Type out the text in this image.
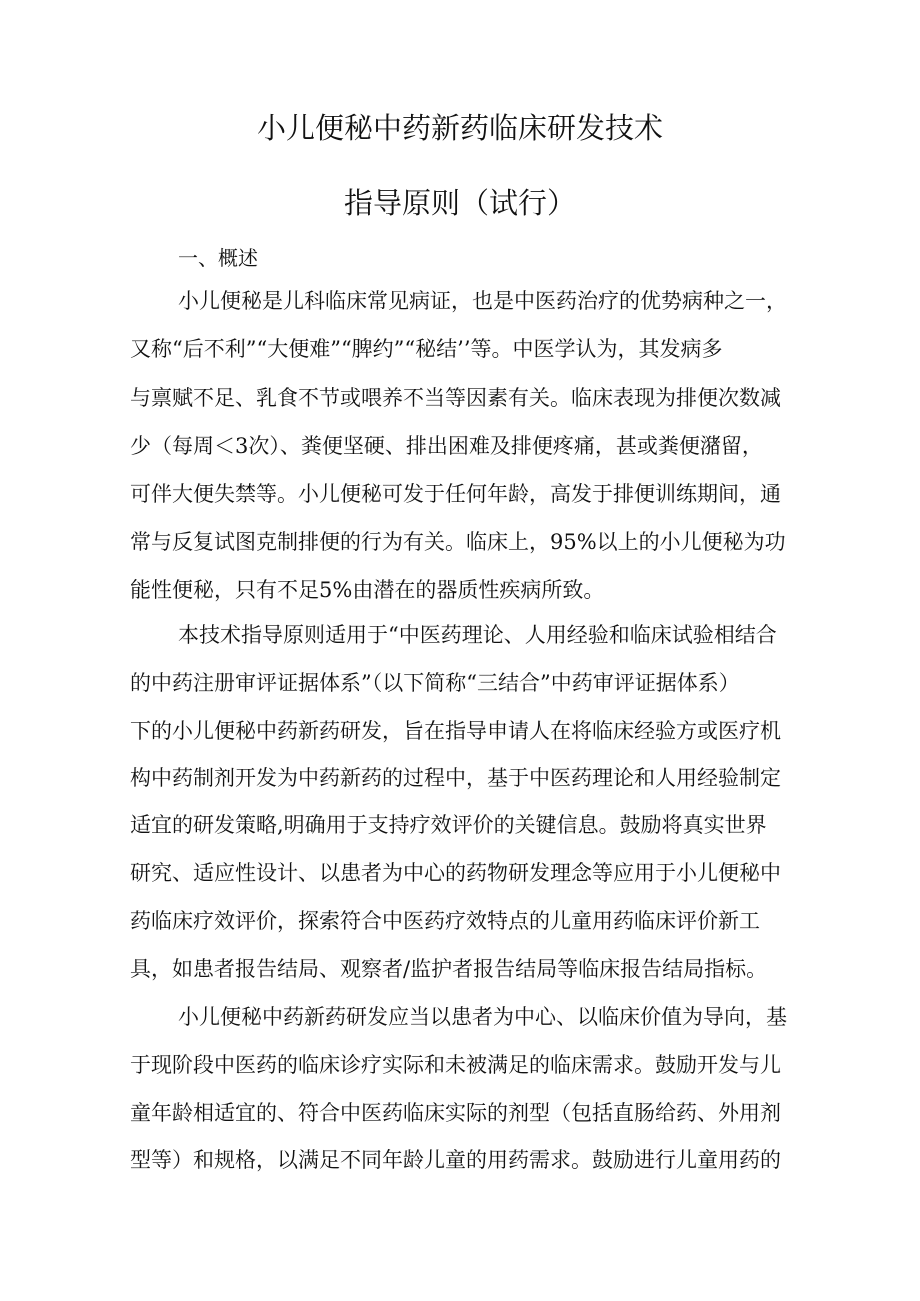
小儿便秘中药新药临床研发技术
指导原则（试行）
一、概述
小儿便秘是儿科临床常见病证，也是中医药治疗的优势病种之一，
又称“后不利”“大便难”“脾约”“秘结’’等。中医学认为，其发病多
与禀赋不足、乳食不节或喂养不当等因素有关。临床表现为排便次数减
少（每周＜3次）、粪便坚硬、排出困难及排便疼痛，甚或粪便潴留，
可伴大便失禁等。小儿便秘可发于任何年龄，高发于排便训练期间，通
常与反复试图克制排便的行为有关。临床上，95%以上的小儿便秘为功
能性便秘，只有不足5%由潜在的器质性疾病所致。
本技术指导原则适用于“中医药理论、人用经验和临床试验相结合
的中药注册审评证据体系”（以下简称“三结合”中药审评证据体系）
下的小儿便秘中药新药研发，旨在指导申请人在将临床经验方或医疗机
构中药制剂开发为中药新药的过程中，基于中医药理论和人用经验制定
适宜的研发策略,明确用于支持疗效评价的关键信息。鼓励将真实世界
研究、适应性设计、以患者为中心的药物研发理念等应用于小儿便秘中
药临床疗效评价，探索符合中医药疗效特点的儿童用药临床评价新工
具，如患者报告结局、观察者/监护者报告结局等临床报告结局指标。
小儿便秘中药新药研发应当以患者为中心、以临床价值为导向，基
于现阶段中医药的临床诊疗实际和未被满足的临床需求。鼓励开发与儿
童年龄相适宜的、符合中医药临床实际的剂型（包括直肠给药、外用剂
型等）和规格，以满足不同年龄儿童的用药需求。鼓励进行儿童用药的
